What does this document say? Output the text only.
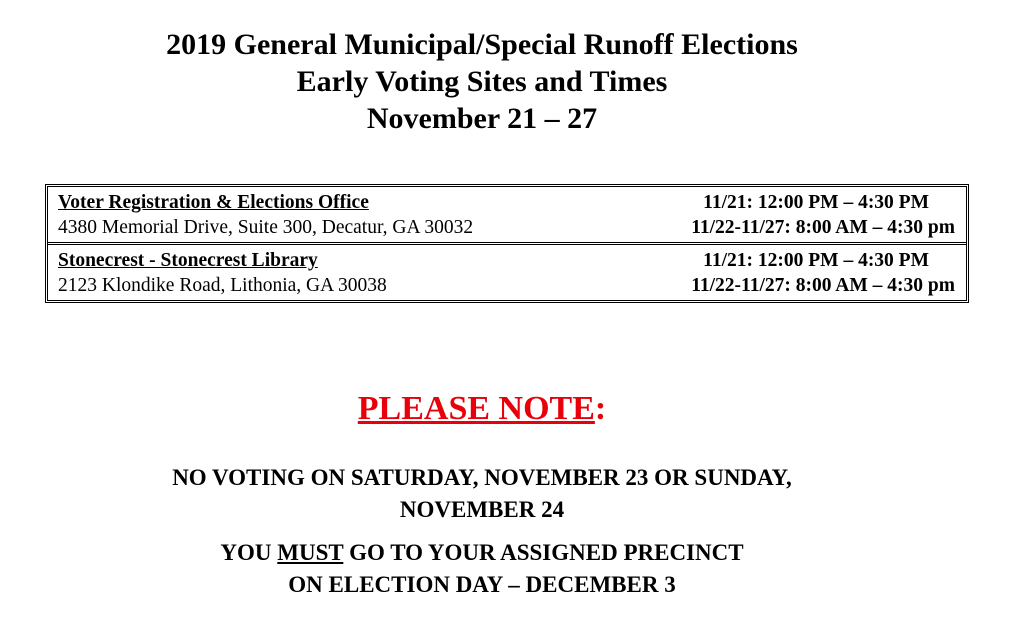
2019 General Municipal/Special Runoff Elections
Early Voting Sites and Times
November 21 – 27
Voter Registration & Elections Office
4380 Memorial Drive, Suite 300, Decatur, GA 30032
11/21: 12:00 PM – 4:30 PM
11/22-11/27: 8:00 AM – 4:30 pm
Stonecrest - Stonecrest Library
2123 Klondike Road, Lithonia, GA 30038
11/21: 12:00 PM – 4:30 PM
11/22-11/27: 8:00 AM – 4:30 pm
PLEASE NOTE:
NO VOTING ON SATURDAY, NOVEMBER 23 OR SUNDAY,
NOVEMBER 24
YOU MUST GO TO YOUR ASSIGNED PRECINCT
ON ELECTION DAY – DECEMBER 3
